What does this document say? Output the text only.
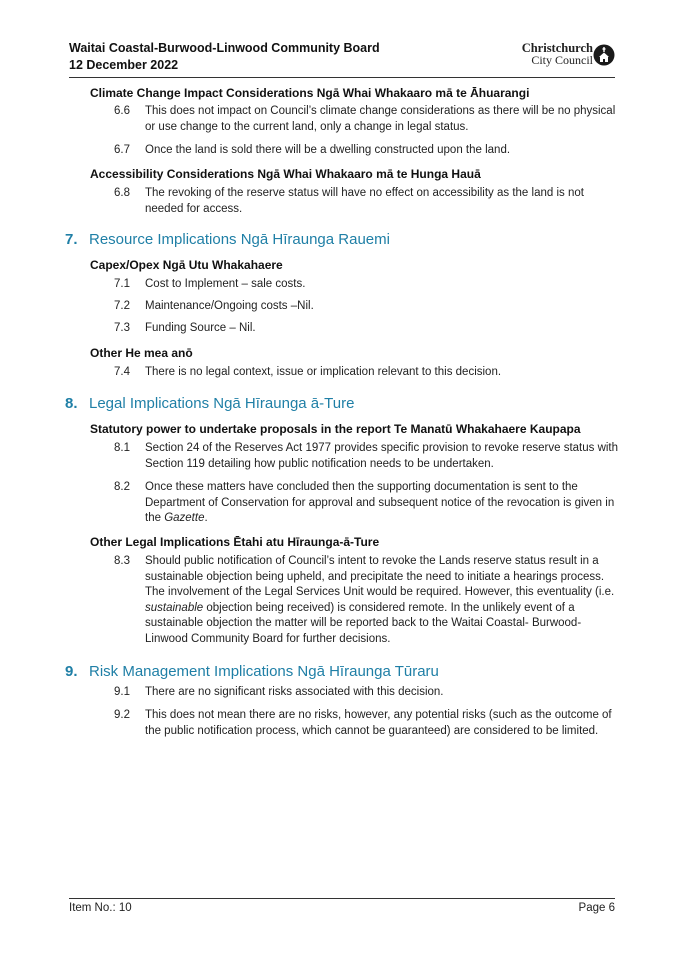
Waitai Coastal-Burwood-Linwood Community Board
12 December 2022
Christchurch
City Council
Climate Change Impact Considerations Ngā Whai Whakaaro mā te Āhuarangi
6.6	This does not impact on Council’s climate change considerations as there will be no physical or use change to the current land, only a change in legal status.
6.7	Once the land is sold there will be a dwelling constructed upon the land.
Accessibility Considerations Ngā Whai Whakaaro mā te Hunga Hauā
6.8	The revoking of the reserve status will have no effect on accessibility as the land is not needed for access.
7. Resource Implications Ngā Hīraunga Rauemi
Capex/Opex Ngā Utu Whakahaere
7.1	Cost to Implement – sale costs.
7.2	Maintenance/Ongoing costs –Nil.
7.3	Funding Source – Nil.
Other He mea anō
7.4	There is no legal context, issue or implication relevant to this decision.
8. Legal Implications Ngā Hīraunga ā-Ture
Statutory power to undertake proposals in the report Te Manatū Whakahaere Kaupapa
8.1	Section 24 of the Reserves Act 1977 provides specific provision to revoke reserve status with Section 119 detailing how public notification needs to be undertaken.
8.2	Once these matters have concluded then the supporting documentation is sent to the Department of Conservation for approval and subsequent notice of the revocation is given in the Gazette.
Other Legal Implications Ētahi atu Hīraunga-ā-Ture
8.3	Should public notification of Council’s intent to revoke the Lands reserve status result in a sustainable objection being upheld, and precipitate the need to initiate a hearings process. The involvement of the Legal Services Unit would be required. However, this eventuality (i.e. sustainable objection being received) is considered remote. In the unlikely event of a sustainable objection the matter will be reported back to the Waitai Coastal- Burwood-Linwood Community Board for further decisions.
9. Risk Management Implications Ngā Hīraunga Tūraru
9.1	There are no significant risks associated with this decision.
9.2	This does not mean there are no risks, however, any potential risks (such as the outcome of the public notification process, which cannot be guaranteed) are considered to be limited.
Item No.: 10	Page 6
